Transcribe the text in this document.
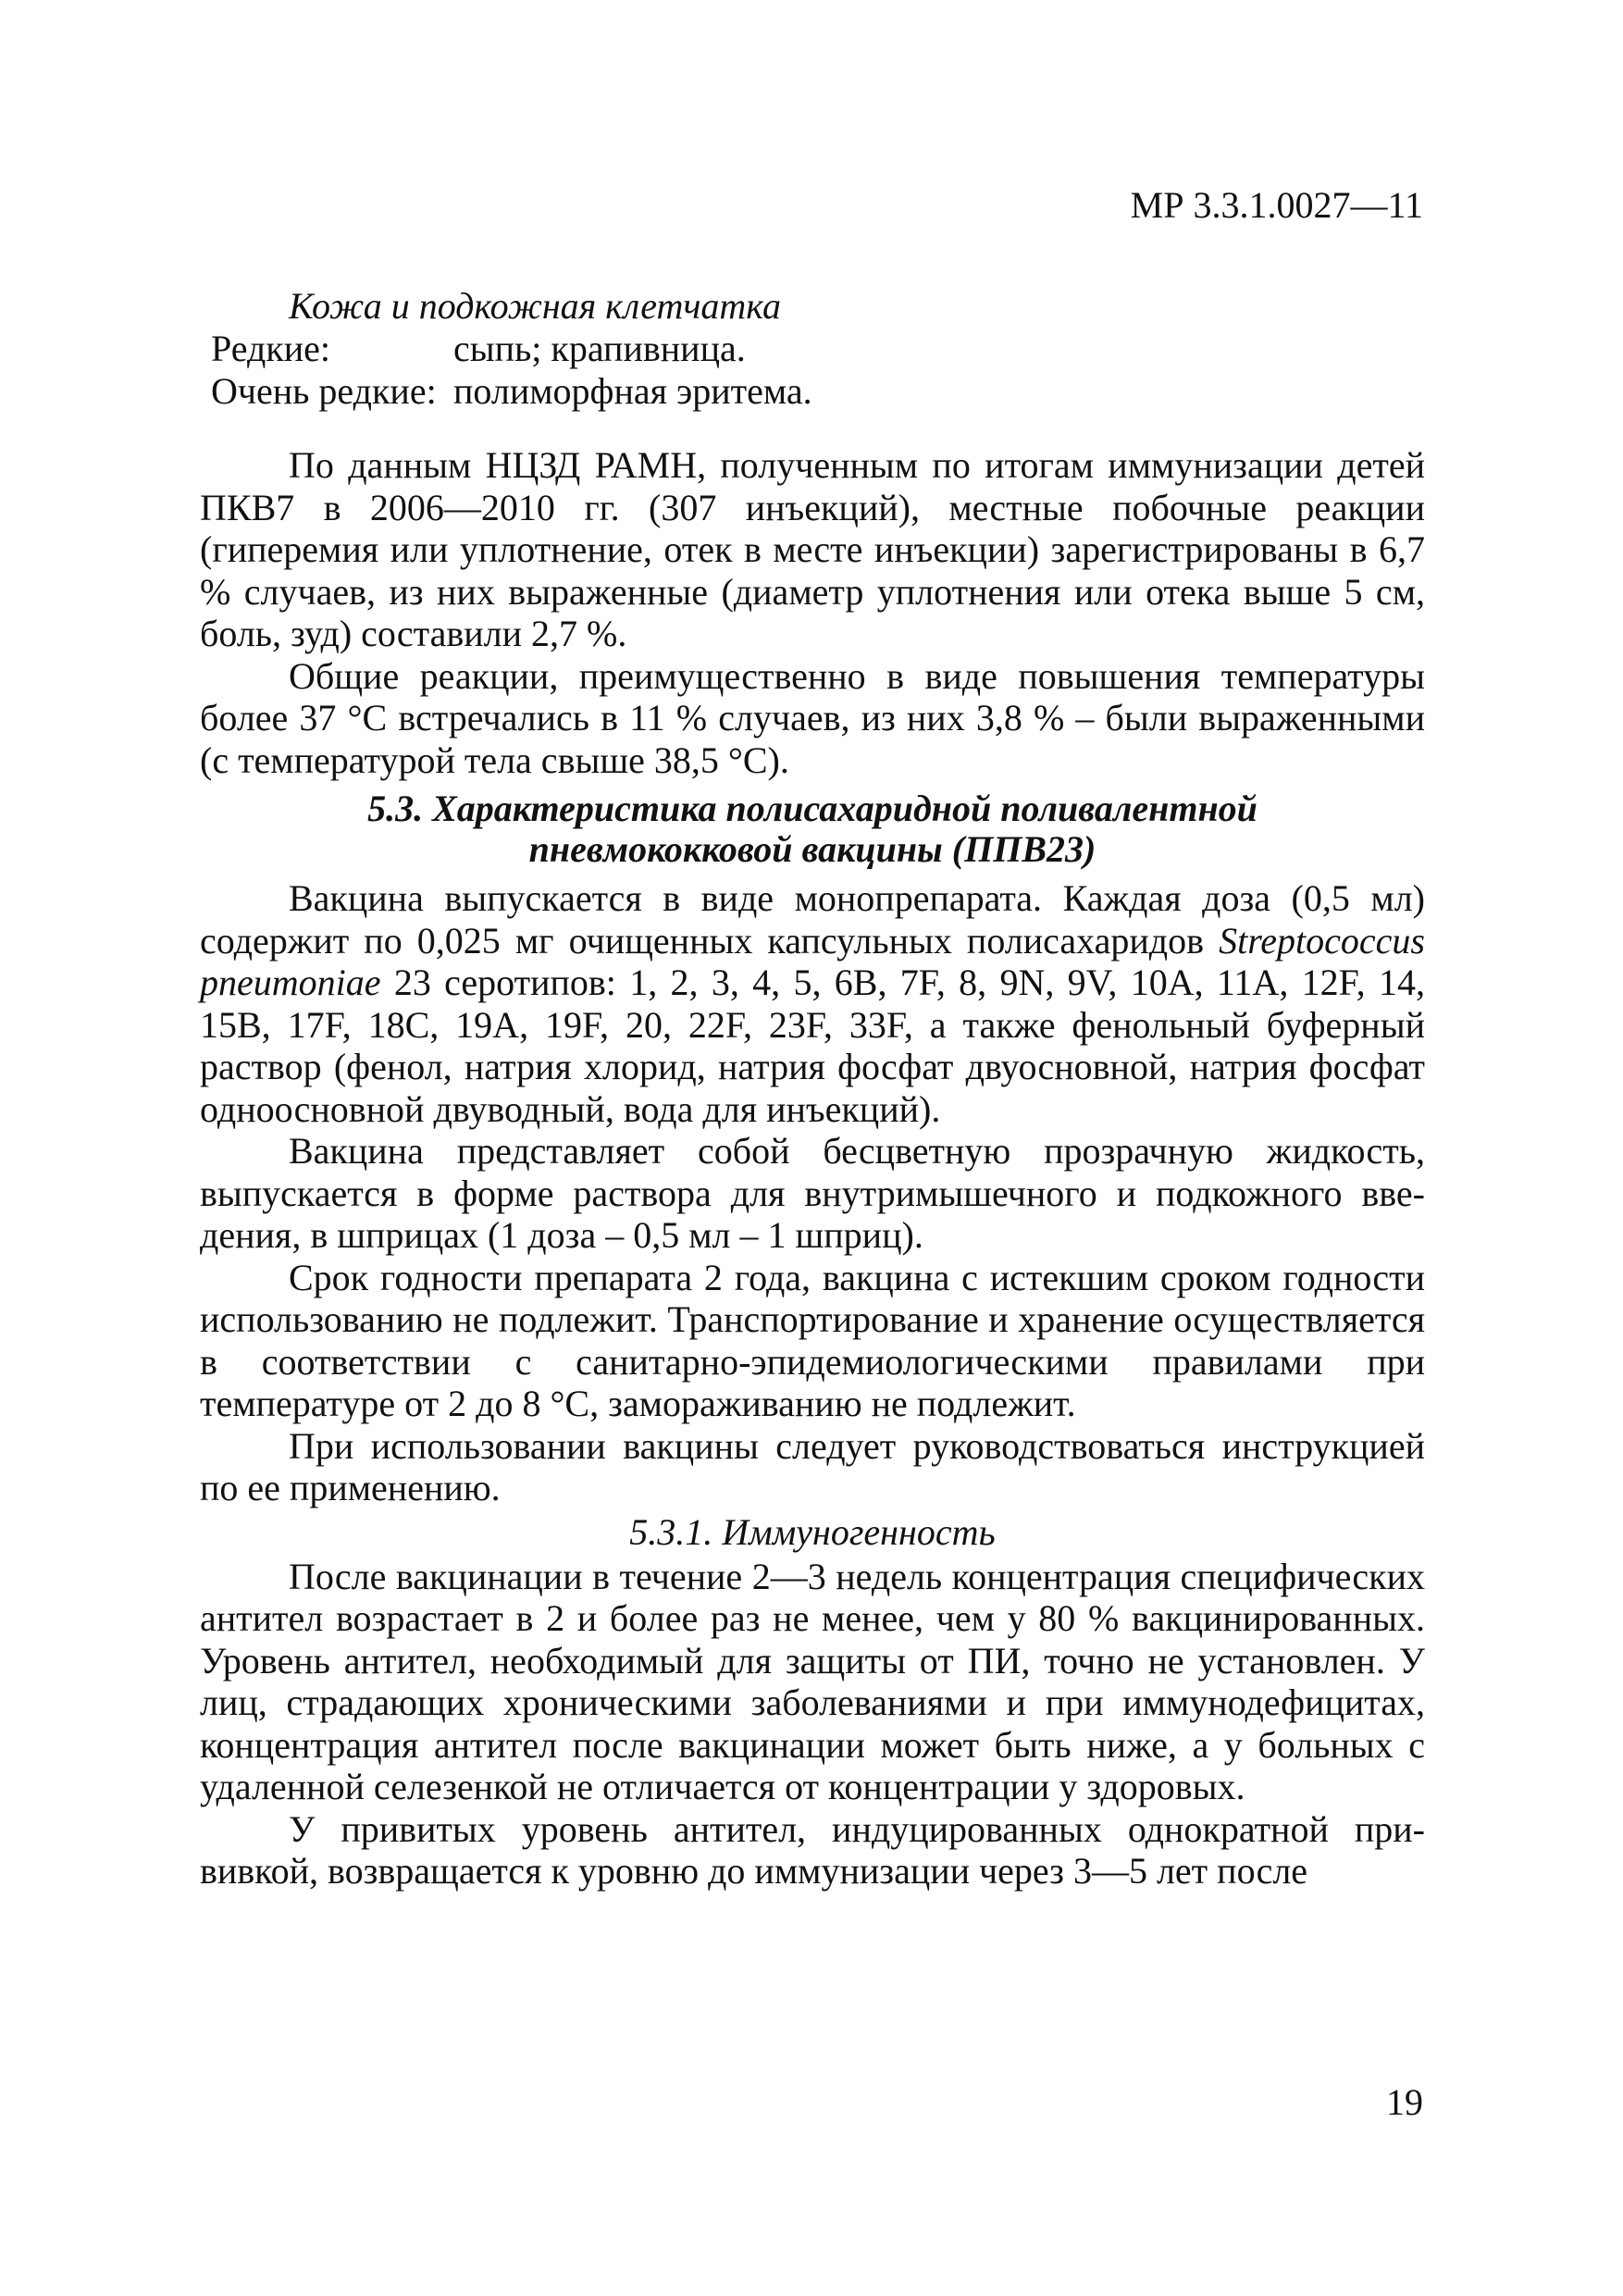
МР 3.3.1.0027—11
Кожа и подкожная клетчатка
Редкие:	сыпь; крапивница.
Очень редкие:	полиморфная эритема.

По данным НЦЗД РАМН, полученным по итогам иммунизации детей ПКВ7 в 2006—2010 гг. (307 инъекций), местные побочные реакции (гиперемия или уплотнение, отек в месте инъекции) зарегистрированы в 6,7 % случаев, из них выраженные (диаметр уплотнения или отека выше 5 см, боль, зуд) составили 2,7 %.

Общие реакции, преимущественно в виде повышения температуры более 37 °С встречались в 11 % случаев, из них 3,8 % – были выраженными (с температурой тела свыше 38,5 °С).

5.3. Характеристика полисахаридной поливалентной
пневмококковой вакцины (ППВ23)

Вакцина выпускается в виде монопрепарата. Каждая доза (0,5 мл) содержит по 0,025 мг очищенных капсульных полисахаридов Streptococcus pneumoniae 23 серотипов: 1, 2, 3, 4, 5, 6B, 7F, 8, 9N, 9V, 10A, 11A, 12F, 14, 15B, 17F, 18C, 19A, 19F, 20, 22F, 23F, 33F, а также фенольный буферный раствор (фенол, натрия хлорид, натрия фосфат двуосновной, натрия фосфат одноосновной двуводный, вода для инъекций).

Вакцина представляет собой бесцветную прозрачную жидкость, выпускается в форме раствора для внутримышечного и подкожного введения, в шприцах (1 доза – 0,5 мл – 1 шприц).

Срок годности препарата 2 года, вакцина с истекшим сроком годности использованию не подлежит. Транспортирование и хранение осуществляется в соответствии с санитарно-эпидемиологическими правилами при температуре от 2 до 8 °С, замораживанию не подлежит.

При использовании вакцины следует руководствоваться инструкцией по ее применению.

5.3.1. Иммуногенность

После вакцинации в течение 2—3 недель концентрация специфических антител возрастает в 2 и более раз не менее, чем у 80 % вакцинированных. Уровень антител, необходимый для защиты от ПИ, точно не установлен. У лиц, страдающих хроническими заболеваниями и при иммунодефицитах, концентрация антител после вакцинации может быть ниже, а у больных с удаленной селезенкой не отличается от концентрации у здоровых.

У привитых уровень антител, индуцированных однократной прививкой, возвращается к уровню до иммунизации через 3—5 лет после

19
